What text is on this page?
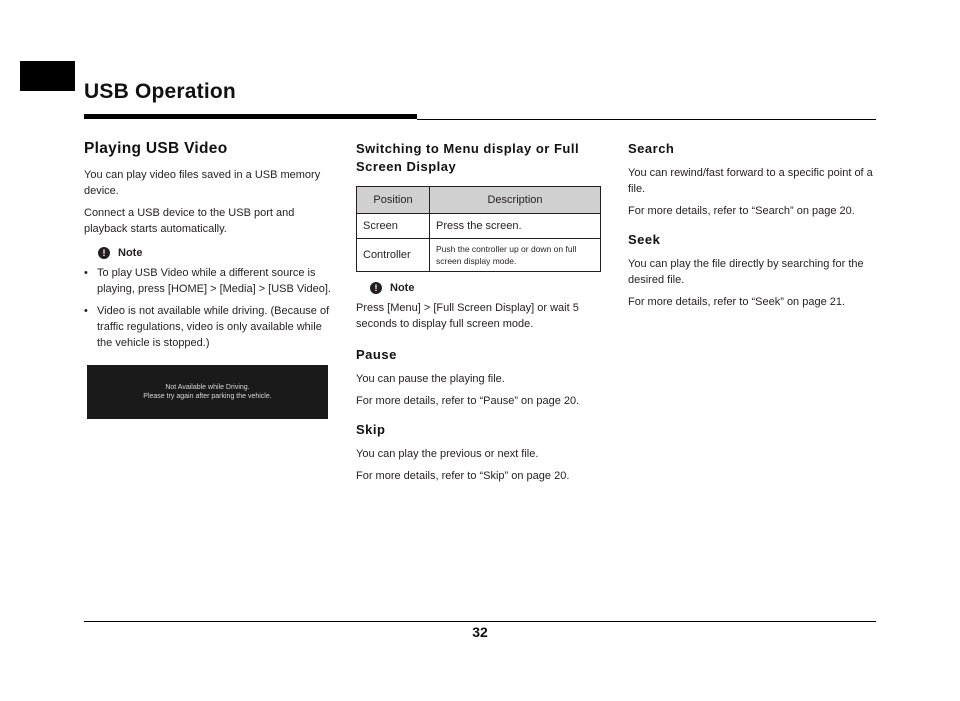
USB Operation
Playing USB Video

You can play video files saved in a USB memory device.

Connect a USB device to the USB port and playback starts automatically.

!	Note
• To play USB Video while a different source is playing, press [HOME] > [Media] > [USB Video].
• Video is not available while driving. (Because of traffic regulations, video is only available while the vehicle is stopped.)
Not Available while Driving.
Please try again after parking the vehicle.
Switching to Menu display or Full Screen Display
Position	Description
Screen	Press the screen.
Controller	Push the controller up or down on full screen display mode.
!	Note

Press [Menu] > [Full Screen Display] or wait 5 seconds to display full screen mode.

Pause

You can pause the playing file.

For more details, refer to “Pause” on page 20.

Skip

You can play the previous or next file.

For more details, refer to “Skip” on page 20.

Search

You can rewind/fast forward to a specific point of a file.

For more details, refer to “Search” on page 20.

Seek

You can play the file directly by searching for the desired file.

For more details, refer to “Seek” on page 21.

32
